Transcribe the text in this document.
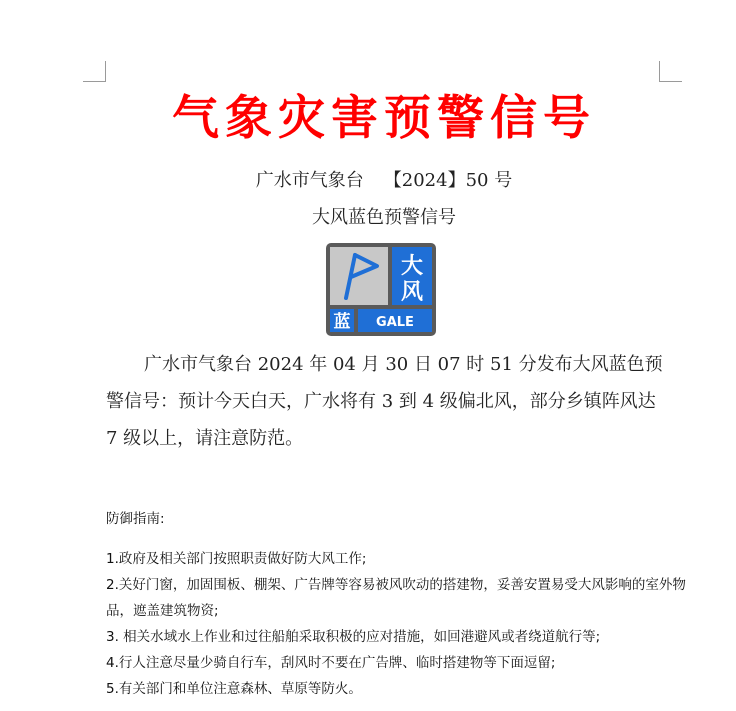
气象灾害预警信号
广水市气象台 【2024】50 号
大风蓝色预警信号
大
风
蓝 GALE

广水市气象台 2024 年 04 月 30 日 07 时 51 分发布大风蓝色预警信号：预计今天白天，广水将有 3 到 4 级偏北风，部分乡镇阵风达 7 级以上，请注意防范。

防御指南:

1.政府及相关部门按照职责做好防大风工作;

2.关好门窗，加固围板、棚架、广告牌等容易被风吹动的搭建物，妥善安置易受大风影响的室外物品，遮盖建筑物资;

3. 相关水域水上作业和过往船舶采取积极的应对措施，如回港避风或者绕道航行等;

4.行人注意尽量少骑自行车，刮风时不要在广告牌、临时搭建物等下面逗留;

5.有关部门和单位注意森林、草原等防火。
